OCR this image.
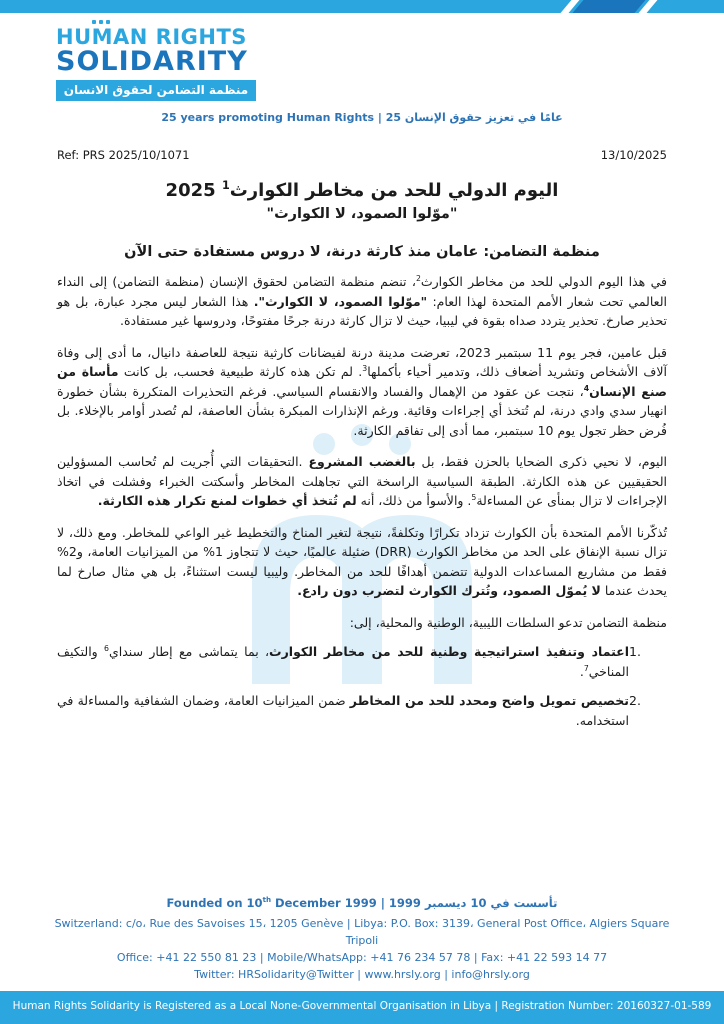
HUMAN RIGHTS
SOLIDARITY
منظمة التضامن لحقوق الانسان
25 years promoting Human Rights | 25 عامًا في تعزيز حقوق الإنسان
Ref: PRS 2025/10/1071	13/10/2025
اليوم الدولي للحد من مخاطر الكوارث$^1$ 2025
"موّلوا الصمود، لا الكوارث"
منظمة التضامن: عامان منذ كارثة درنة، لا دروس مستفادة حتى الآن
في هذا اليوم الدولي للحد من مخاطر الكوارث$^2$، تنضم منظمة التضامن لحقوق الإنسان (منظمة التضامن) إلى النداء العالمي تحت شعار الأمم المتحدة لهذا العام: "موّلوا الصمود، لا الكوارث". هذا الشعار ليس مجرد عبارة، بل هو تحذير صارخ. تحذير يتردد صداه بقوة في ليبيا، حيث لا تزال كارثة درنة جرحًا مفتوحًا، ودروسها غير مستفادة.
قبل عامين، فجر يوم 11 سبتمبر 2023، تعرضت مدينة درنة لفيضانات كارثية نتيجة للعاصفة دانيال، ما أدى إلى وفاة آلاف الأشخاص وتشريد أضعاف ذلك، وتدمير أحياء بأكملها$^3$. لم تكن هذه كارثة طبيعية فحسب، بل كانت مأساة من صنع الإنسان$^4$، نتجت عن عقود من الإهمال والفساد والانقسام السياسي. فرغم التحذيرات المتكررة بشأن خطورة انهيار سدي وادي درنة، لم تُتخذ أي إجراءات وقائية. ورغم الإنذارات المبكرة بشأن العاصفة، لم تُصدر أوامر بالإخلاء. بل فُرض حظر تجول يوم 10 سبتمبر، مما أدى إلى تفاقم الكارثة.
اليوم، لا نحيي ذكرى الضحايا بالحزن فقط، بل بالغضب المشروع .التحقيقات التي أُجريت لم تُحاسب المسؤولين الحقيقيين عن هذه الكارثة. الطبقة السياسية الراسخة التي تجاهلت المخاطر وأسكتت الخبراء وفشلت في اتخاذ الإجراءات لا تزال بمنأى عن المساءلة$^5$. والأسوأ من ذلك، أنه لم تُتخذ أي خطوات لمنع تكرار هذه الكارثة.
تُذكّرنا الأمم المتحدة بأن الكوارث تزداد تكرارًا وتكلفةً، نتيجة لتغير المناخ والتخطيط غير الواعي للمخاطر. ومع ذلك، لا تزال نسبة الإنفاق على الحد من مخاطر الكوارث (DRR) ضئيلة عالميًا، حيث لا تتجاوز 1% من الميزانيات العامة، و2% فقط من مشاريع المساعدات الدولية تتضمن أهدافًا للحد من المخاطر. وليبيا ليست استثناءً، بل هي مثال صارخ لما يحدث عندما لا يُموّل الصمود، وتُترك الكوارث لتضرب دون رادع.
منظمة التضامن تدعو السلطات الليبية، الوطنية والمحلية، إلى:
1.
اعتماد وتنفيذ استراتيجية وطنية للحد من مخاطر الكوارث، بما يتماشى مع إطار سنداي$^6$ والتكيف المناخي$^7$.
2.
تخصيص تمويل واضح ومحدد للحد من المخاطر ضمن الميزانيات العامة، وضمان الشفافية والمساءلة في استخدامه.
Founded on 10th December 1999 | تأسست في 10 ديسمبر 1999
Switzerland: c/o، Rue des Savoises 15، 1205 Genève | Libya: P.O. Box: 3139، General Post Office، Algiers Square
Tripoli
Office: +41 22 550 81 23 | Mobile/WhatsApp: +41 76 234 57 78 | Fax: +41 22 593 14 77
Twitter: HRSolidarity@Twitter | www.hrsly.org | info@hrsly.org
Human Rights Solidarity is Registered as a Local None-Governmental Organisation in Libya | Registration Number: 20160327-01-589
